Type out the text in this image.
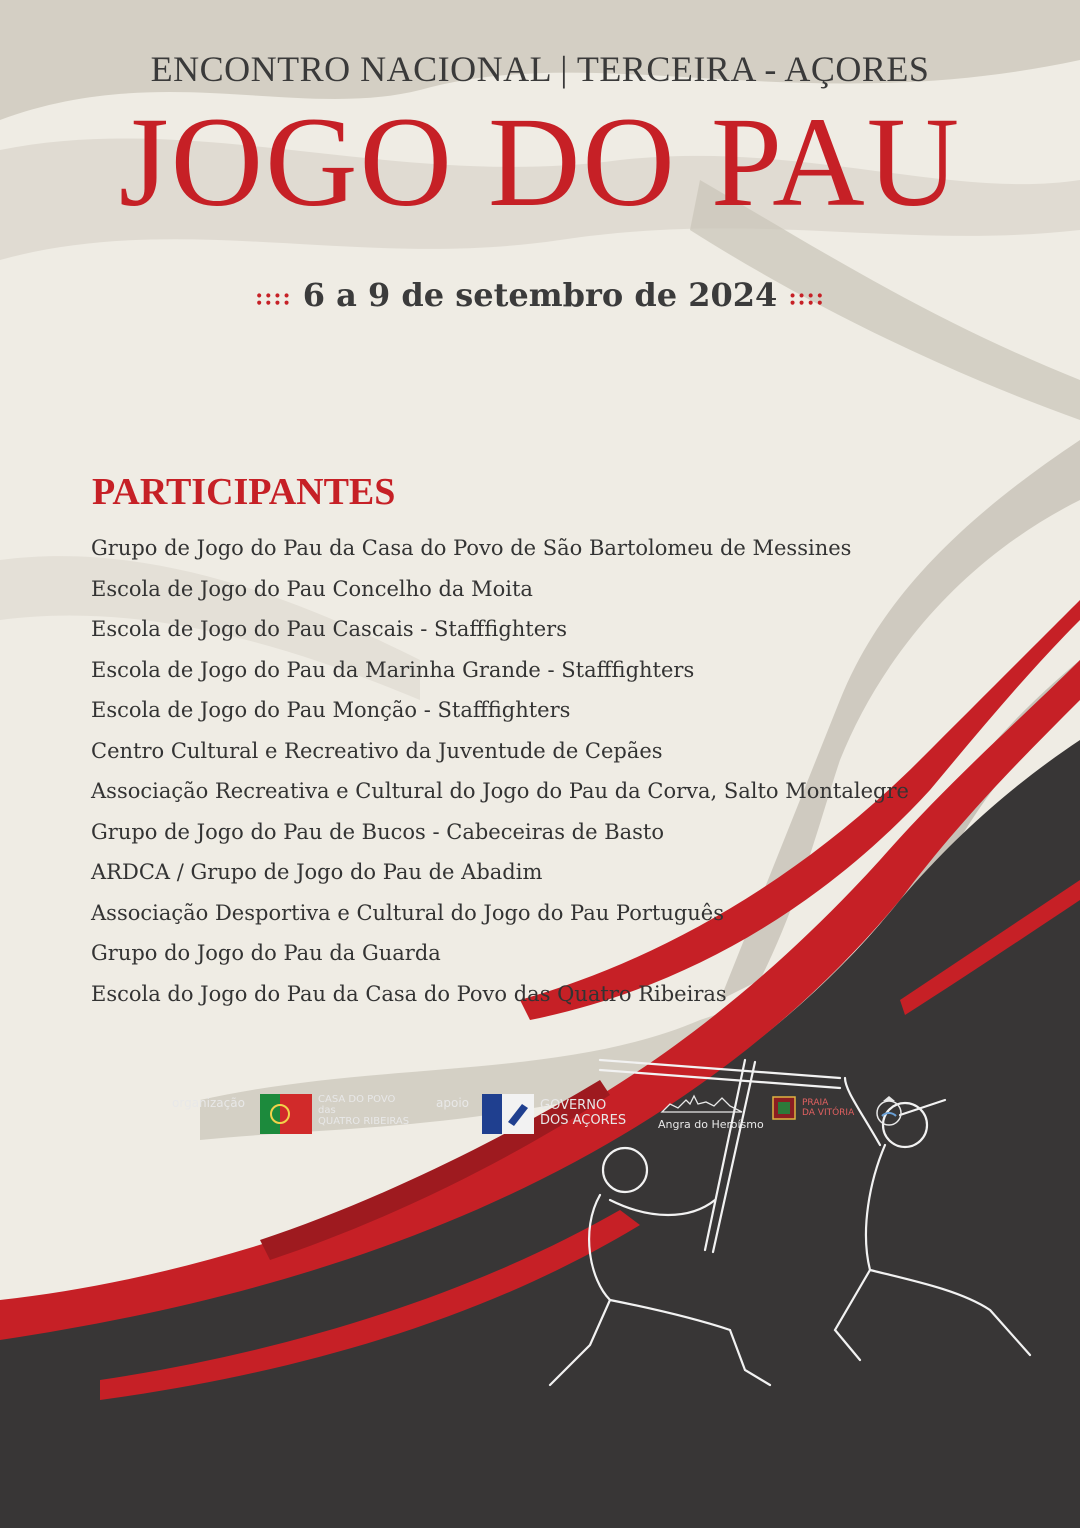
ENCONTRO NACIONAL | TERCEIRA - AÇORES
JOGO DO PAU
:::: 6 a 9 de setembro de 2024 ::::
PARTICIPANTES
Grupo de Jogo do Pau da Casa do Povo de São Bartolomeu de Messines
Escola de Jogo do Pau Concelho da Moita
Escola de Jogo do Pau Cascais - Stafffighters
Escola de Jogo do Pau da Marinha Grande - Stafffighters
Escola de Jogo do Pau Monção - Stafffighters
Centro Cultural e Recreativo da Juventude de Cepães
Associação Recreativa e Cultural do Jogo do Pau da Corva, Salto Montalegre
Grupo de Jogo do Pau de Bucos - Cabeceiras de Basto
ARDCA / Grupo de Jogo do Pau de Abadim
Associação Desportiva e Cultural do Jogo do Pau Português
Grupo do Jogo do Pau da Guarda
Escola do Jogo do Pau da Casa do Povo das Quatro Ribeiras
organização	CASA DO POVO
das
QUATRO RIBEIRAS
apoio	GOVERNO
DOS AÇORES	Angra do Heroísmo
PRAIA
DA VITÓRIA
